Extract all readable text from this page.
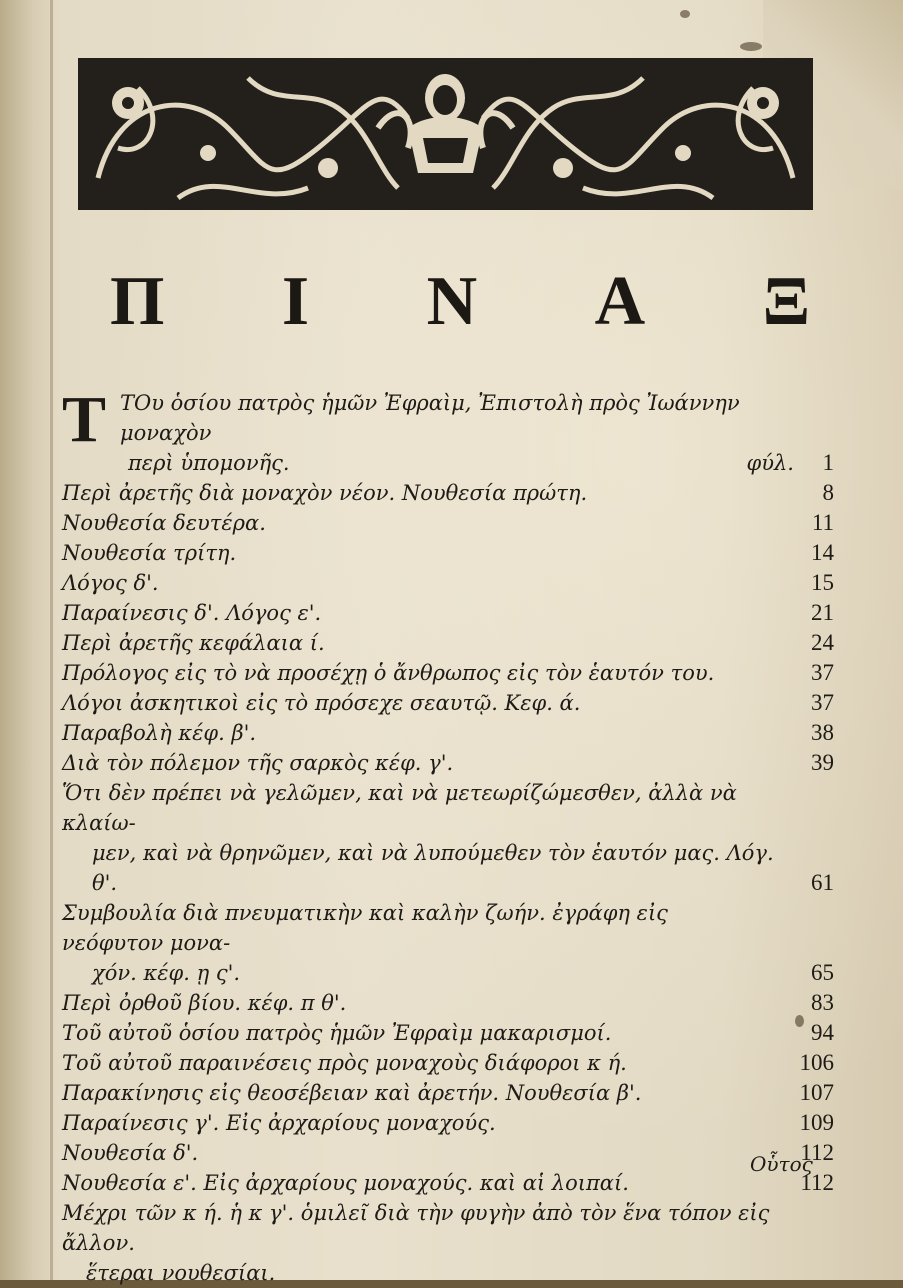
Π Ι Ν Α Ξ
Τ ΤΟυ ὁσίου πατρὸς ἡμῶν Ἐφραὶμ, Ἐπιστολὴ πρὸς Ἰωάννην μοναχὸν
περὶ ὑπομονῆς.	φύλ. 1
Περὶ ἀρετῆς διὰ μοναχὸν νέον. Νουθεσία πρώτη.	8
Νουθεσία δευτέρα.	11
Νουθεσία τρίτη.	14
Λόγος δ'.	15
Παραίνεσις δ'. Λόγος ε'.	21
Περὶ ἀρετῆς κεφάλαια ί.	24
Πρόλογος εἰς τὸ νὰ προσέχῃ ὁ ἄνθρωπος εἰς τὸν ἑαυτόν του.	37
Λόγοι ἀσκητικοὶ εἰς τὸ πρόσεχε σεαυτῷ. Κεφ. ά.	37
Παραβολὴ κέφ. β'.	38
Διὰ τὸν πόλεμον τῆς σαρκὸς κέφ. γ'.	39
Ὅτι δὲν πρέπει νὰ γελῶμεν, καὶ νὰ μετεωρίζώμεσθεν, ἀλλὰ νὰ κλαίω-
μεν, καὶ νὰ θρηνῶμεν, καὶ νὰ λυπούμεθεν τὸν ἑαυτόν μας. Λόγ. θ'.	61
Συμβουλία διὰ πνευματικὴν καὶ καλὴν ζωήν. ἐγράφη εἰς νεόφυτον μονα-
χόν. κέφ. ῃ ς'.	65
Περὶ ὀρθοῦ βίου. κέφ. π θ'.	83
Τοῦ αὐτοῦ ὁσίου πατρὸς ἡμῶν Ἐφραὶμ μακαρισμοί.	94
Τοῦ αὐτοῦ παραινέσεις πρὸς μοναχοὺς διάφοροι κ ή.	106
Παρακίνησις εἰς θεοσέβειαν καὶ ἀρετήν. Νουθεσία β'.	107
Παραίνεσις γ'. Εἰς ἀρχαρίους μοναχούς.	109
Νουθεσία δ'.	112
Νουθεσία ε'. Εἰς ἀρχαρίους μοναχούς. καὶ αἱ λοιπαί.	112
Μέχρι τῶν κ ή. ἡ κ γ'. ὁμιλεῖ διὰ τὴν φυγὴν ἀπὸ τὸν ἕνα τόπον εἰς ἄλλον.
ἕτεραι νουθεσίαι.
Οὗτος
